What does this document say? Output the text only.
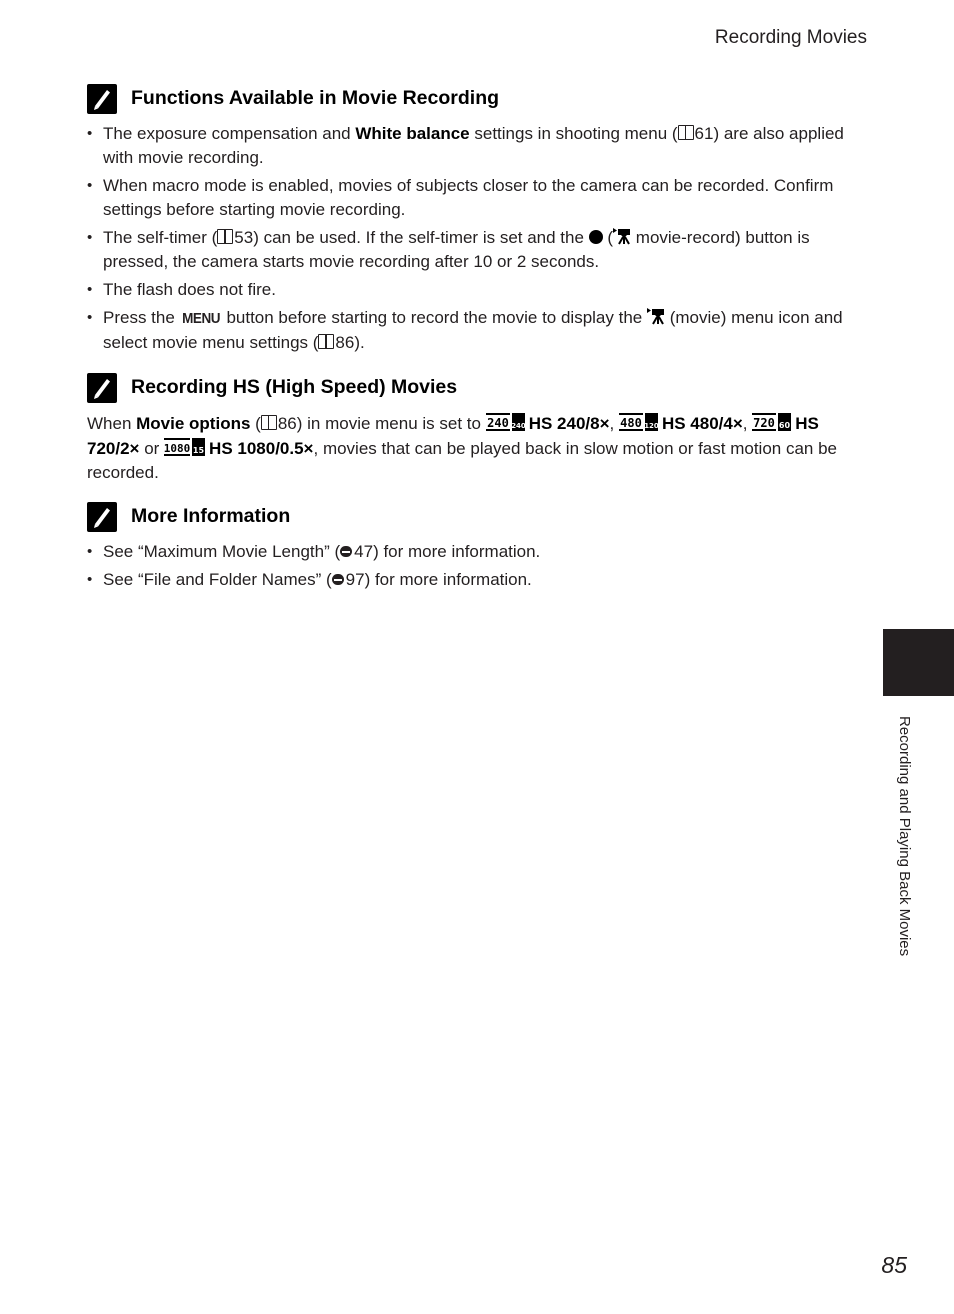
Recording Movies
Functions Available in Movie Recording
• The exposure compensation and White balance settings in shooting menu ( 61) are also applied with movie recording.
• When macro mode is enabled, movies of subjects closer to the camera can be recorded. Confirm settings before starting movie recording.
• The self-timer ( 53) can be used. If the self-timer is set and the  ( movie-record) button is pressed, the camera starts movie recording after 10 or 2 seconds.
• The flash does not fire.
• Press the MENU button before starting to record the movie to display the  (movie) menu icon and select movie menu settings ( 86).
Recording HS (High Speed) Movies

When Movie options ( 86) in movie menu is set to 240 240 HS 240/8×, 480 120 HS 480/4×, 720 60 HS 720/2× or 1080 15 HS 1080/0.5×, movies that can be played back in slow motion or fast motion can be recorded.

More Information
• See “Maximum Movie Length” ( 47) for more information.
• See “File and Folder Names” ( 97) for more information.
Recording and Playing Back Movies
85
